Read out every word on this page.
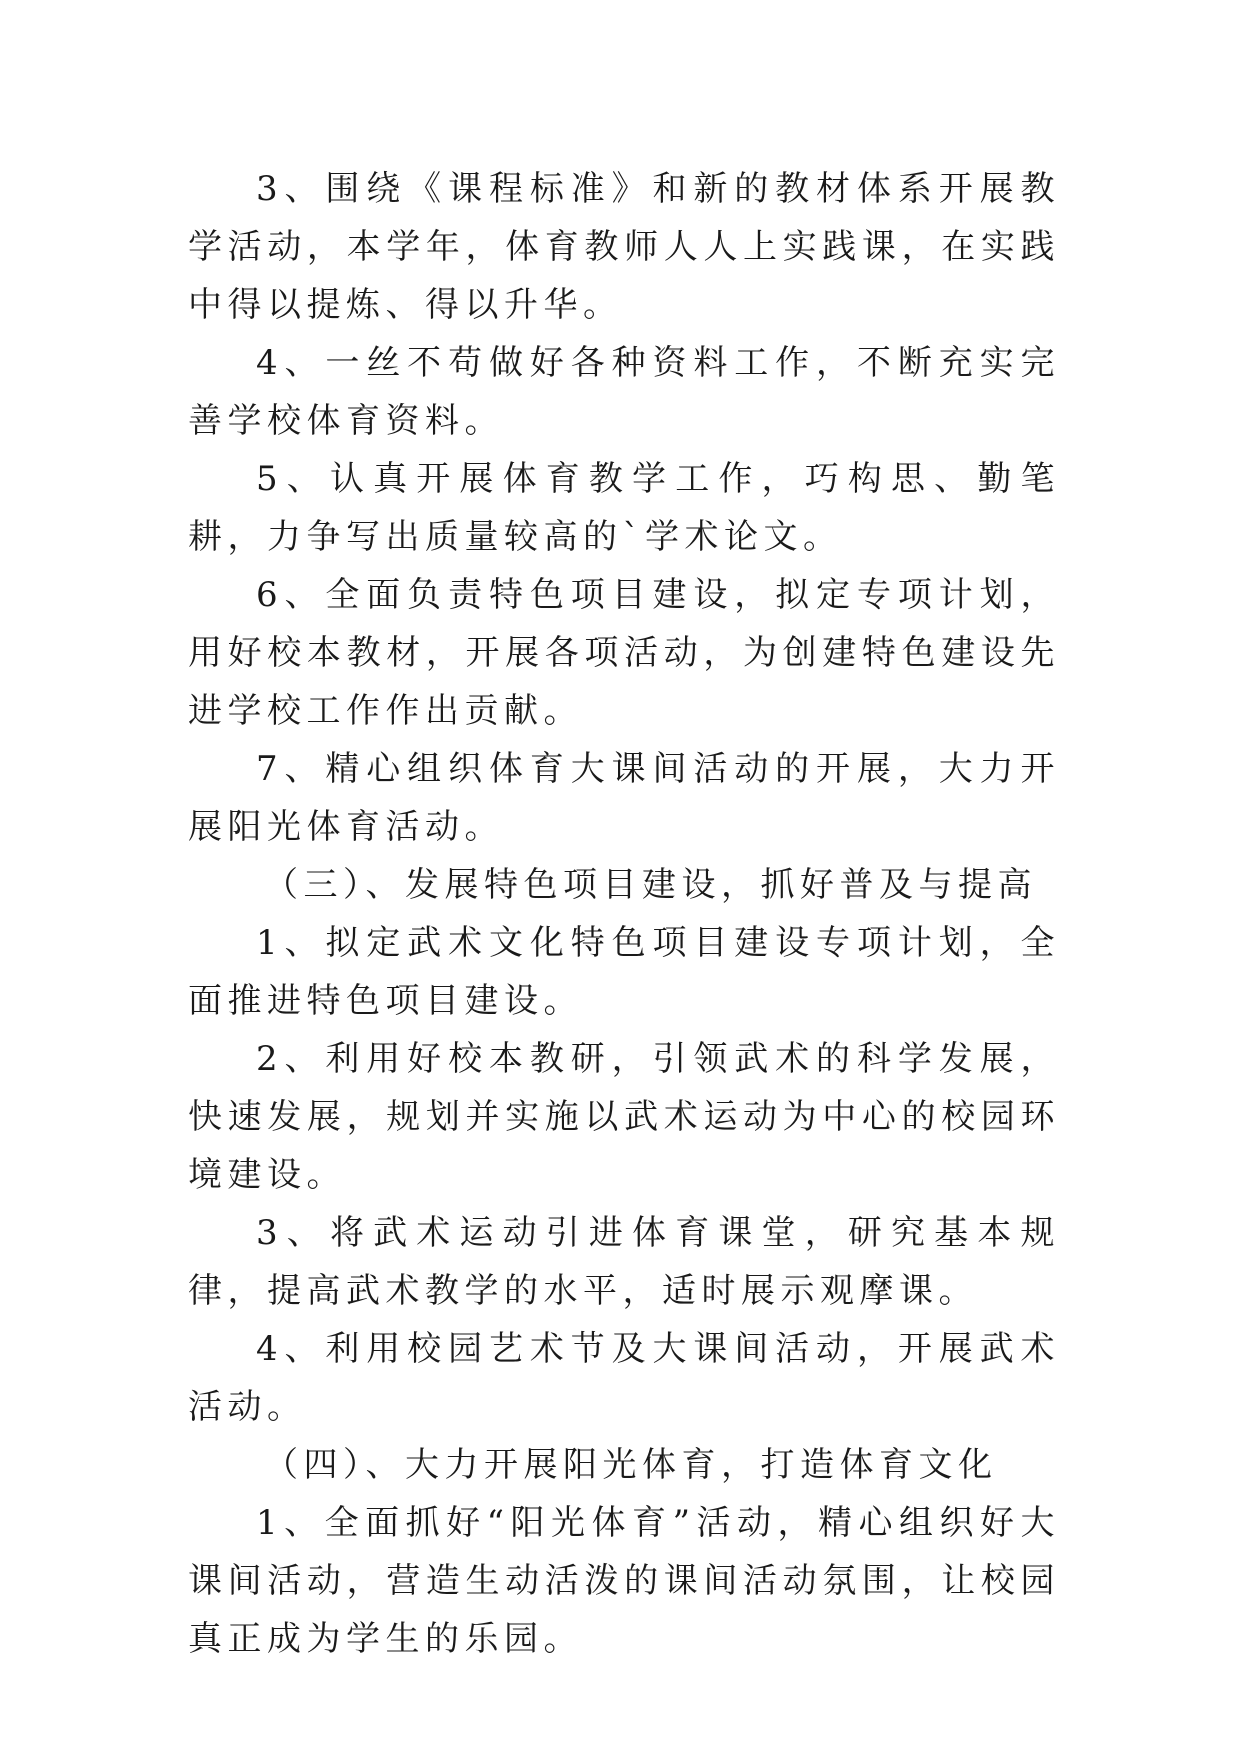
3、围绕《课程标准》和新的教材体系开展教学活动，本学年，体育教师人人上实践课，在实践中得以提炼、得以升华。

4、一丝不苟做好各种资料工作，不断充实完善学校体育资料。

5、认真开展体育教学工作，巧构思、勤笔耕，力争写出质量较高的`学术论文。

6、全面负责特色项目建设，拟定专项计划，用好校本教材，开展各项活动，为创建特色建设先进学校工作作出贡献。

7、精心组织体育大课间活动的开展，大力开展阳光体育活动。

（三）、发展特色项目建设，抓好普及与提高

1、拟定武术文化特色项目建设专项计划，全面推进特色项目建设。

2、利用好校本教研，引领武术的科学发展，快速发展，规划并实施以武术运动为中心的校园环境建设。

3、将武术运动引进体育课堂，研究基本规律，提高武术教学的水平，适时展示观摩课。

4、利用校园艺术节及大课间活动，开展武术活动。

（四）、大力开展阳光体育，打造体育文化

1、全面抓好“阳光体育”活动，精心组织好大课间活动，营造生动活泼的课间活动氛围，让校园真正成为学生的乐园。
